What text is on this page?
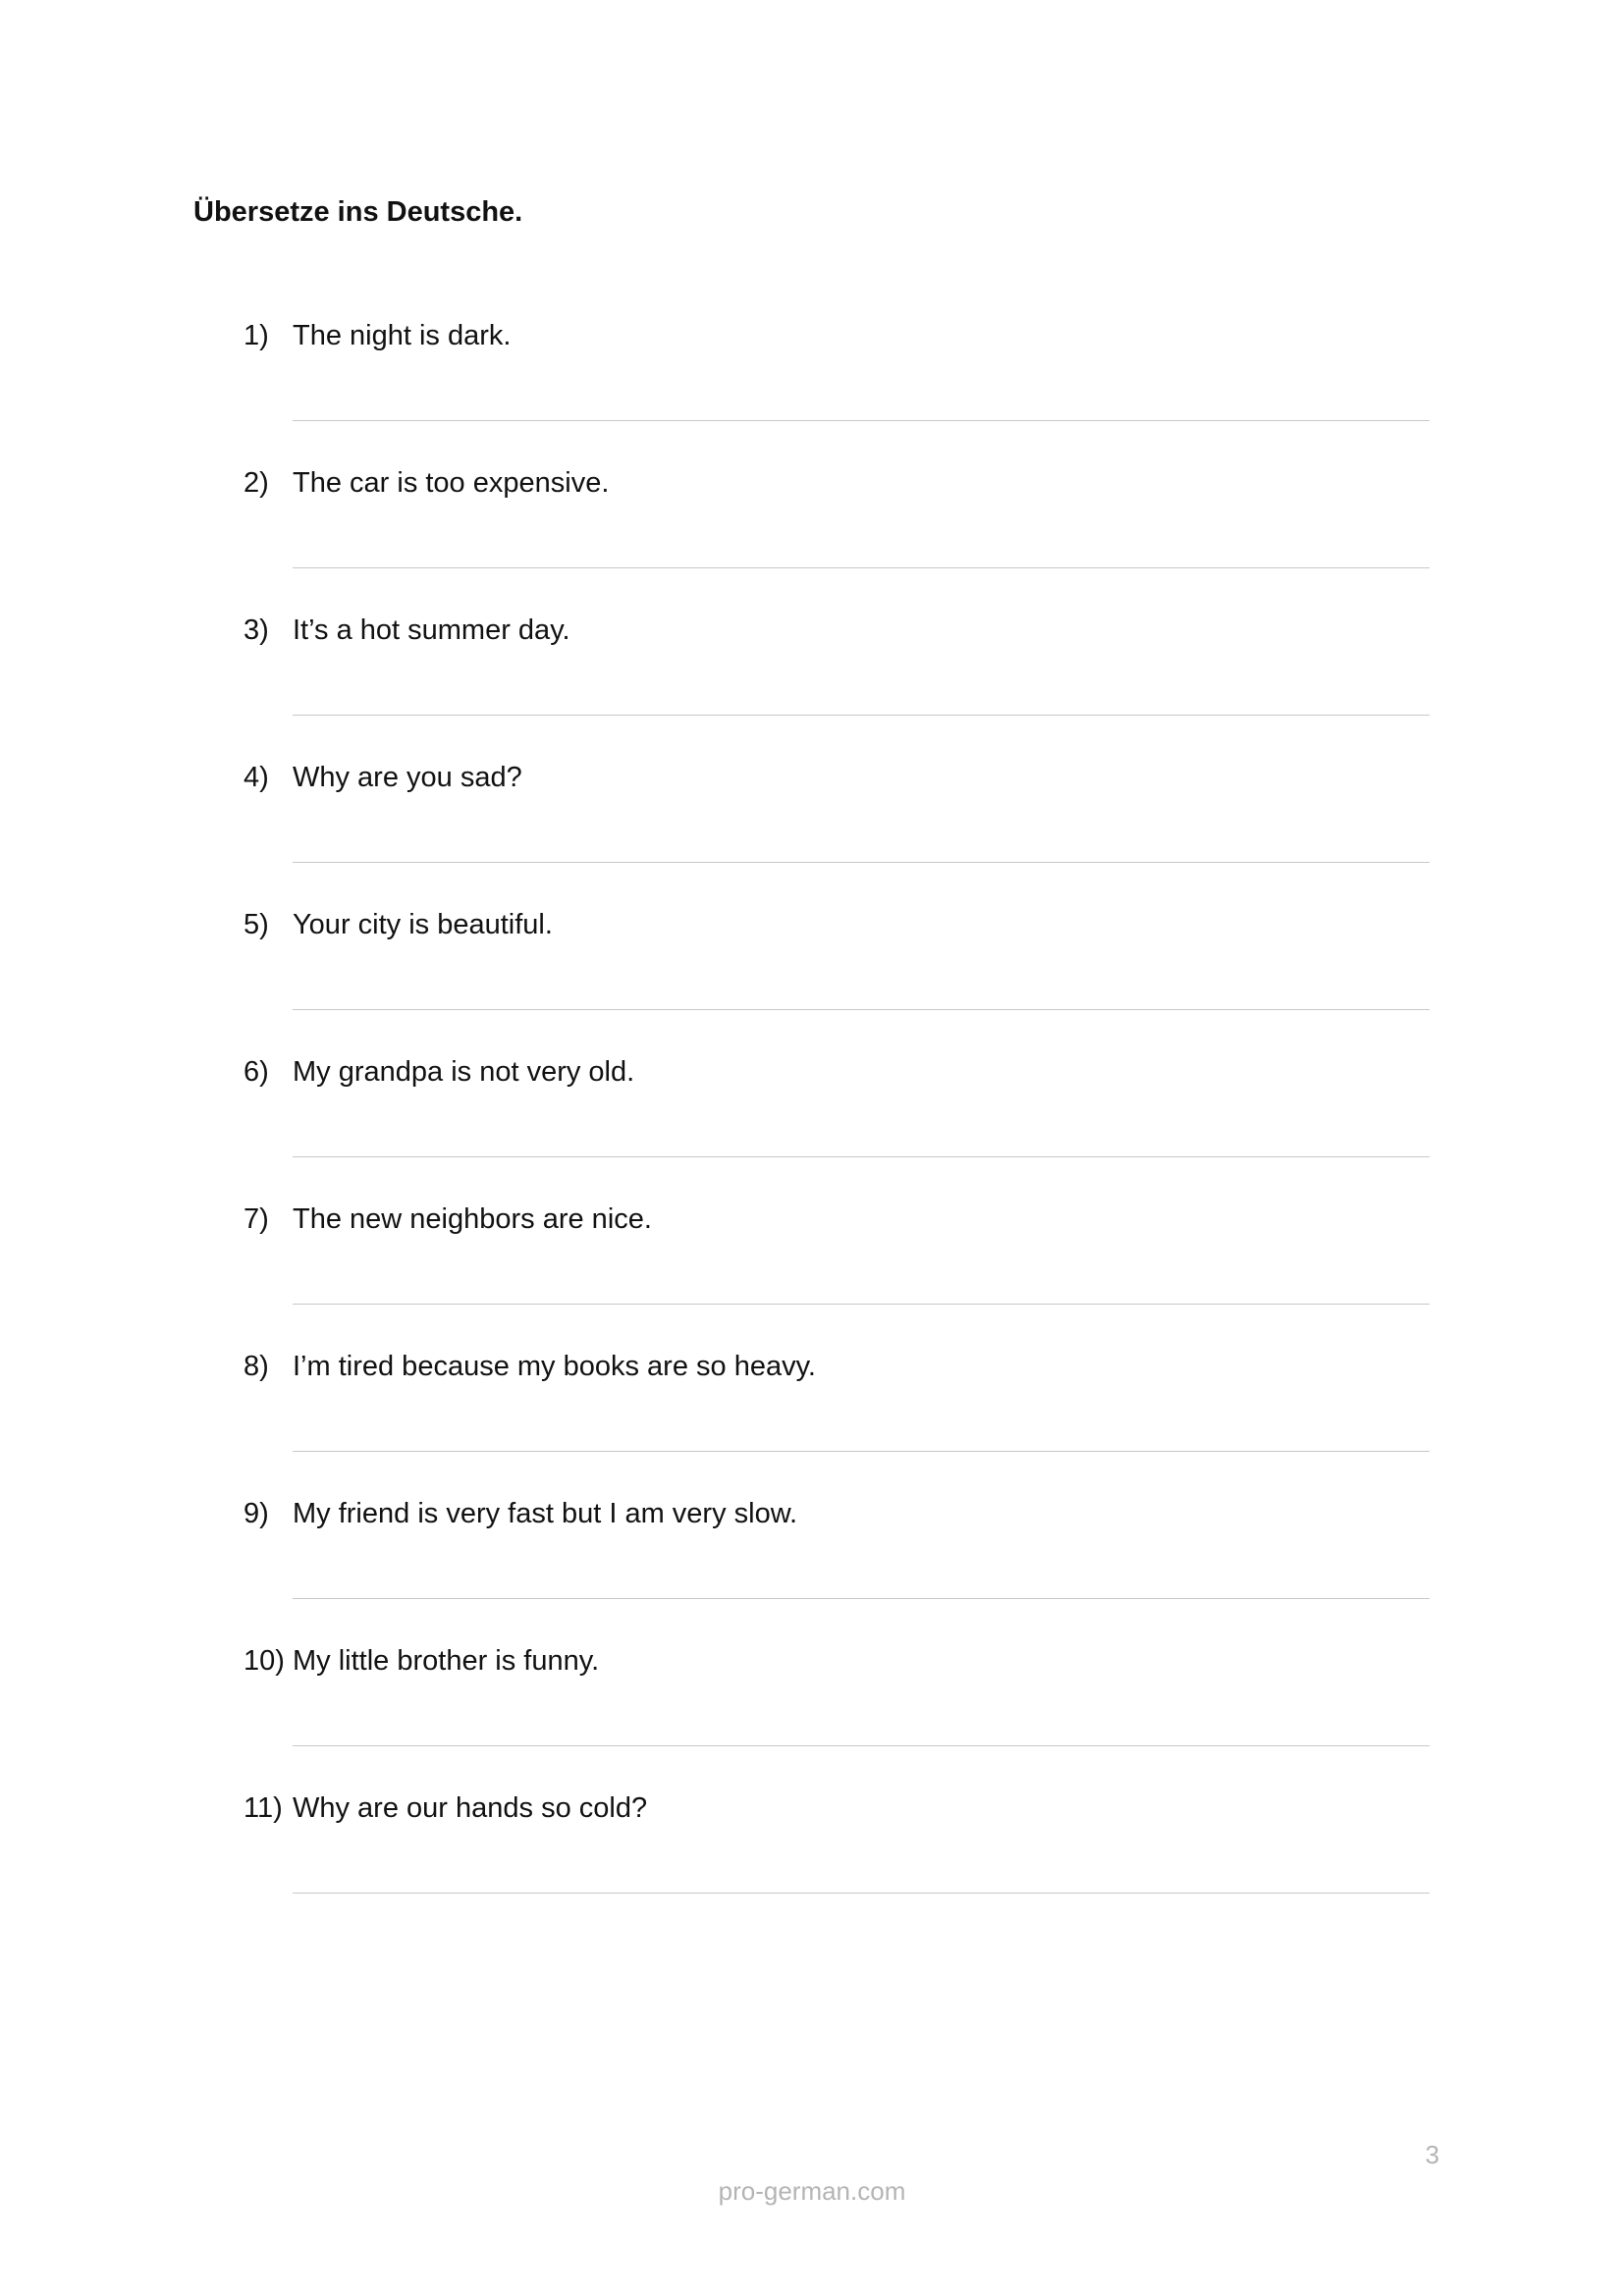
Übersetze ins Deutsche.

1) The night is dark.
2) The car is too expensive.
3) It’s a hot summer day.
4) Why are you sad?
5) Your city is beautiful.
6) My grandpa is not very old.
7) The new neighbors are nice.
8) I’m tired because my books are so heavy.
9) My friend is very fast but I am very slow.
10) My little brother is funny.
11) Why are our hands so cold?
3
pro-german.com
